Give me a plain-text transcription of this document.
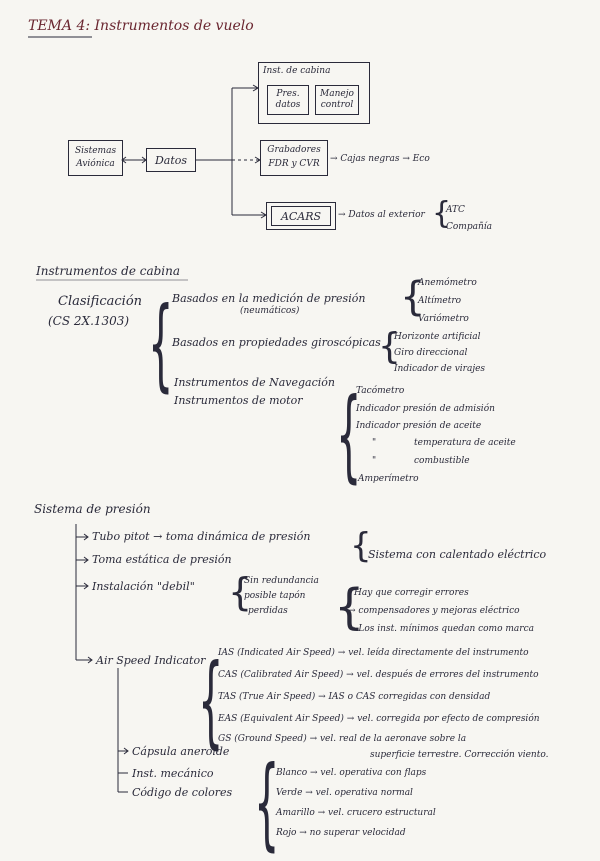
TEMA 4: Instrumentos de vuelo
Sistemas
Aviónica	Datos
Inst. de cabina
Pres.
datos
Manejo
control
Grabadores
FDR y CVR	→ Cajas negras → Eco
ACARS	→ Datos al exterior {
ATC
Compañía
Instrumentos de cabina
Clasificación
(CS 2X.1303) {
Basados en la medición de presión
(neumáticos)	{
Anemómetro
Altímetro
Variómetro
Basados en propiedades giroscópicas
{
Horizonte artificial
Giro direccional
Indicador de virajes
Instrumentos de Navegación
Instrumentos de motor {
Tacómetro
Indicador presión de admisión
Indicador presión de aceite
"	temperatura de aceite
"	combustible
Amperímetro
Sistema de presión
Tubo pitot → toma dinámica de presión
Toma estática de presión	{
Sistema con calentado eléctrico
Instalación "debil" {
Sin redundancia
posible tapón
perdidas {
Hay que corregir errores
→ compensadores y mejoras eléctrico
→ Los inst. mínimos quedan como marca
Air Speed Indicator
{
IAS (Indicated Air Speed) → vel. leída directamente del instrumento
CAS (Calibrated Air Speed) → vel. después de errores del instrumento
TAS (True Air Speed) → IAS o CAS corregidas con densidad
EAS (Equivalent Air Speed) → vel. corregida por efecto de compresión
GS (Ground Speed) → vel. real de la aeronave sobre la
superficie terrestre. Corrección viento.
Cápsula aneroide
Inst. mecánico
Código de colores {
Blanco → vel. operativa con flaps
Verde → vel. operativa normal
Amarillo → vel. crucero estructural
Rojo → no superar velocidad
